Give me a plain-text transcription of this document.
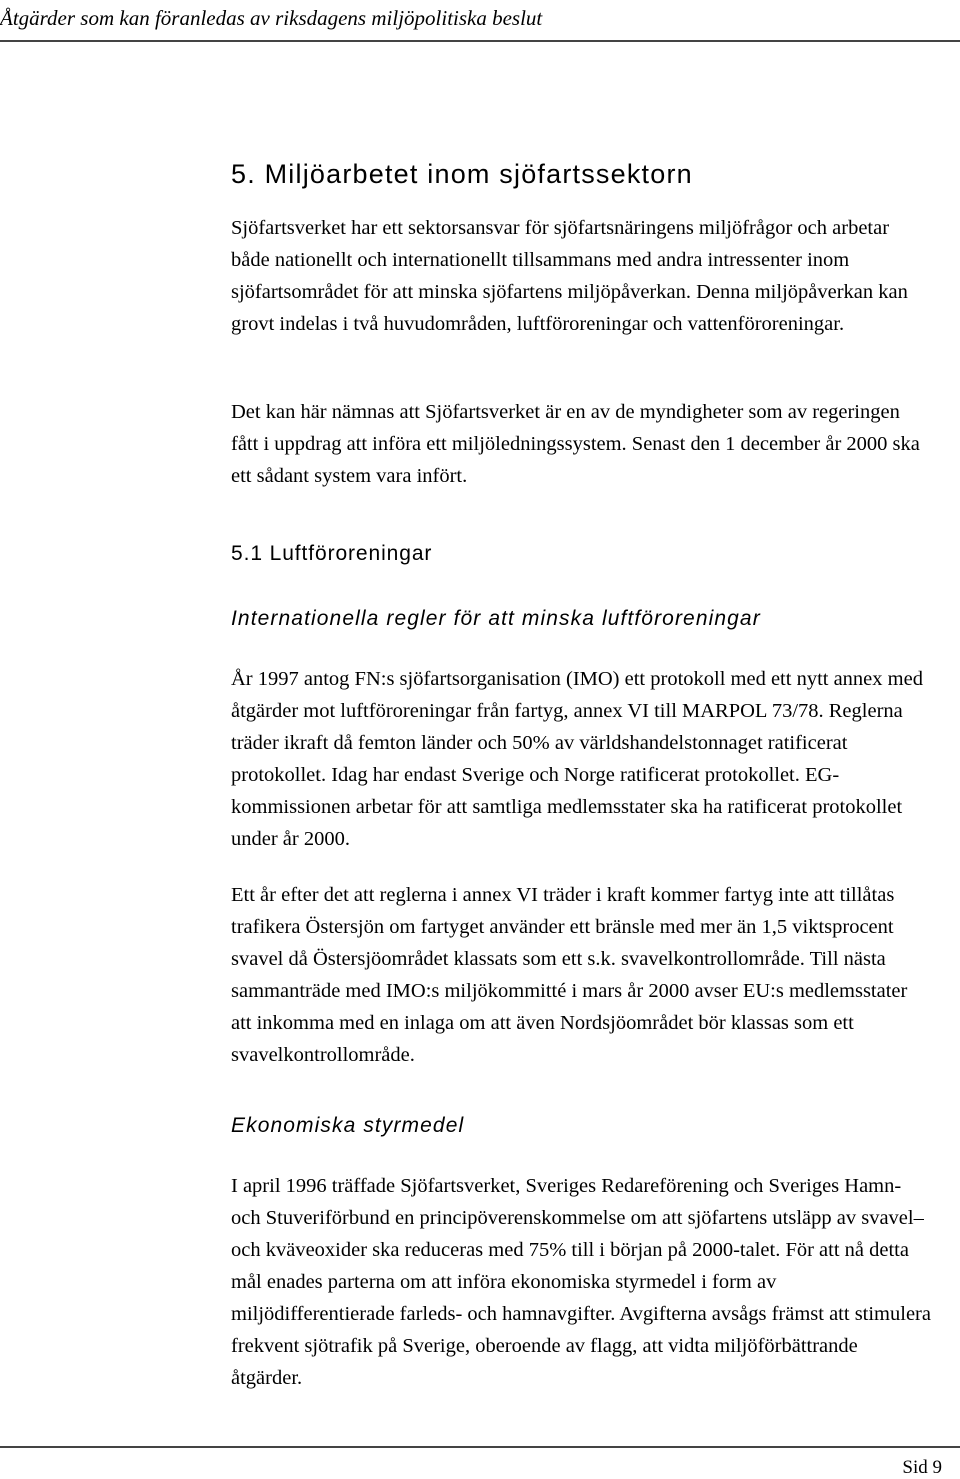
Åtgärder som kan föranledas av riksdagens miljöpolitiska beslut
5. Miljöarbetet inom sjöfartssektorn

Sjöfartsverket har ett sektorsansvar för sjöfartsnäringens miljöfrågor och arbetar både nationellt och internationellt tillsammans med andra intressenter inom sjöfartsområdet för att minska sjöfartens miljöpåverkan. Denna miljöpåverkan kan grovt indelas i två huvudområden, luftföroreningar och vattenföroreningar.

Det kan här nämnas att Sjöfartsverket är en av de myndigheter som av regeringen fått i uppdrag att införa ett miljöledningssystem. Senast den 1 december år 2000 ska ett sådant system vara infört.

5.1 Luftföroreningar
Internationella regler för att minska luftföroreningar

År 1997 antog FN:s sjöfartsorganisation (IMO) ett protokoll med ett nytt annex med åtgärder mot luftföroreningar från fartyg, annex VI till MARPOL 73/78. Reglerna träder ikraft då femton länder och 50% av världshandelstonnaget ratificerat protokollet. Idag har endast Sverige och Norge ratificerat protokollet. EG-kommissionen arbetar för att samtliga medlemsstater ska ha ratificerat protokollet under år 2000.

Ett år efter det att reglerna i annex VI träder i kraft kommer fartyg inte att tillåtas trafikera Östersjön om fartyget använder ett bränsle med mer än 1,5 viktsprocent svavel då Östersjöområdet klassats som ett s.k. svavelkontrollområde. Till nästa sammanträde med IMO:s miljökommitté i mars år 2000 avser EU:s medlemsstater att inkomma med en inlaga om att även Nordsjöområdet bör klassas som ett svavelkontrollområde.

Ekonomiska styrmedel

I april 1996 träffade Sjöfartsverket, Sveriges Redareförening och Sveriges Hamn- och Stuveriförbund en principöverenskommelse om att sjöfartens utsläpp av svavel– och kväveoxider ska reduceras med 75% till i början på 2000-talet. För att nå detta mål enades parterna om att införa ekonomiska styrmedel i form av miljödifferentierade farleds- och hamnavgifter. Avgifterna avsågs främst att stimulera frekvent sjötrafik på Sverige, oberoende av flagg, att vidta miljöförbättrande åtgärder.

Sid 9
